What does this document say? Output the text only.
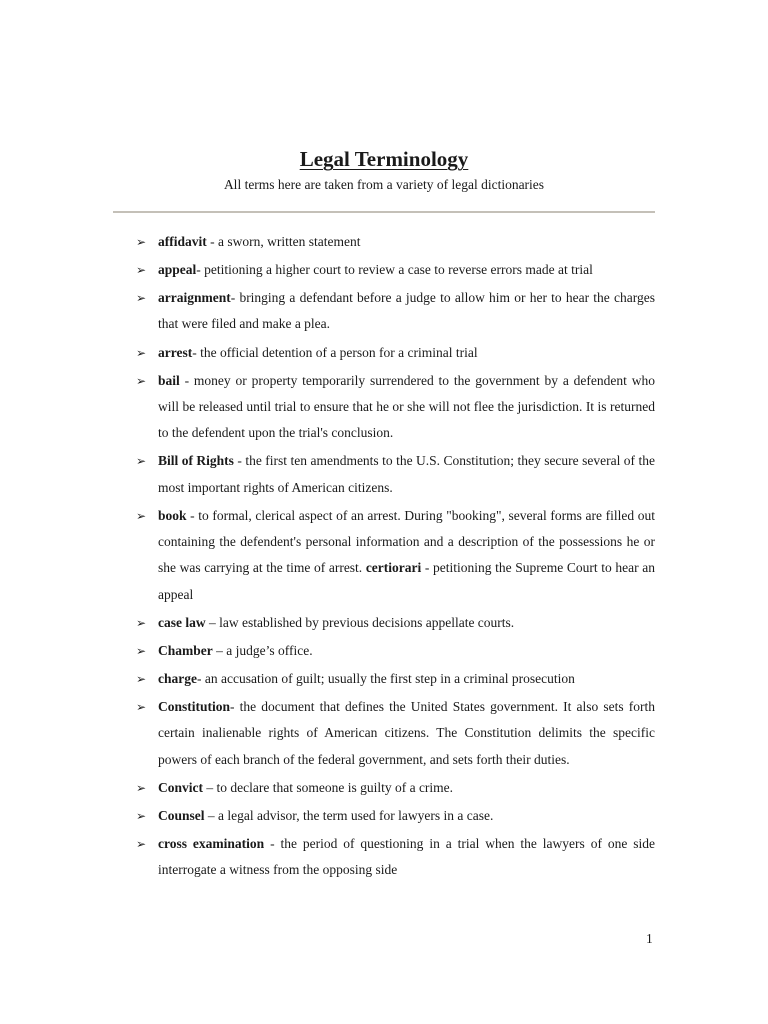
Legal Terminology
All terms here are taken from a variety of legal dictionaries
➢ affidavit - a sworn, written statement
➢ appeal- petitioning a higher court to review a case to reverse errors made at trial
➢ arraignment- bringing a defendant before a judge to allow him or her to hear the charges that were filed and make a plea.
➢ arrest- the official detention of a person for a criminal trial
➢ bail - money or property temporarily surrendered to the government by a defendent who will be released until trial to ensure that he or she will not flee the jurisdiction. It is returned to the defendent upon the trial's conclusion.
➢ Bill of Rights - the first ten amendments to the U.S. Constitution; they secure several of the most important rights of American citizens.
➢ book - to formal, clerical aspect of an arrest. During "booking", several forms are filled out containing the defendent's personal information and a description of the possessions he or she was carrying at the time of arrest. certiorari - petitioning the Supreme Court to hear an appeal
➢ case law – law established by previous decisions appellate courts.
➢ Chamber – a judge’s office.
➢ charge- an accusation of guilt; usually the first step in a criminal prosecution
➢ Constitution- the document that defines the United States government. It also sets forth certain inalienable rights of American citizens. The Constitution delimits the specific powers of each branch of the federal government, and sets forth their duties.
➢ Convict – to declare that someone is guilty of a crime.
➢ Counsel – a legal advisor, the term used for lawyers in a case.
➢ cross examination - the period of questioning in a trial when the lawyers of one side interrogate a witness from the opposing side
1
